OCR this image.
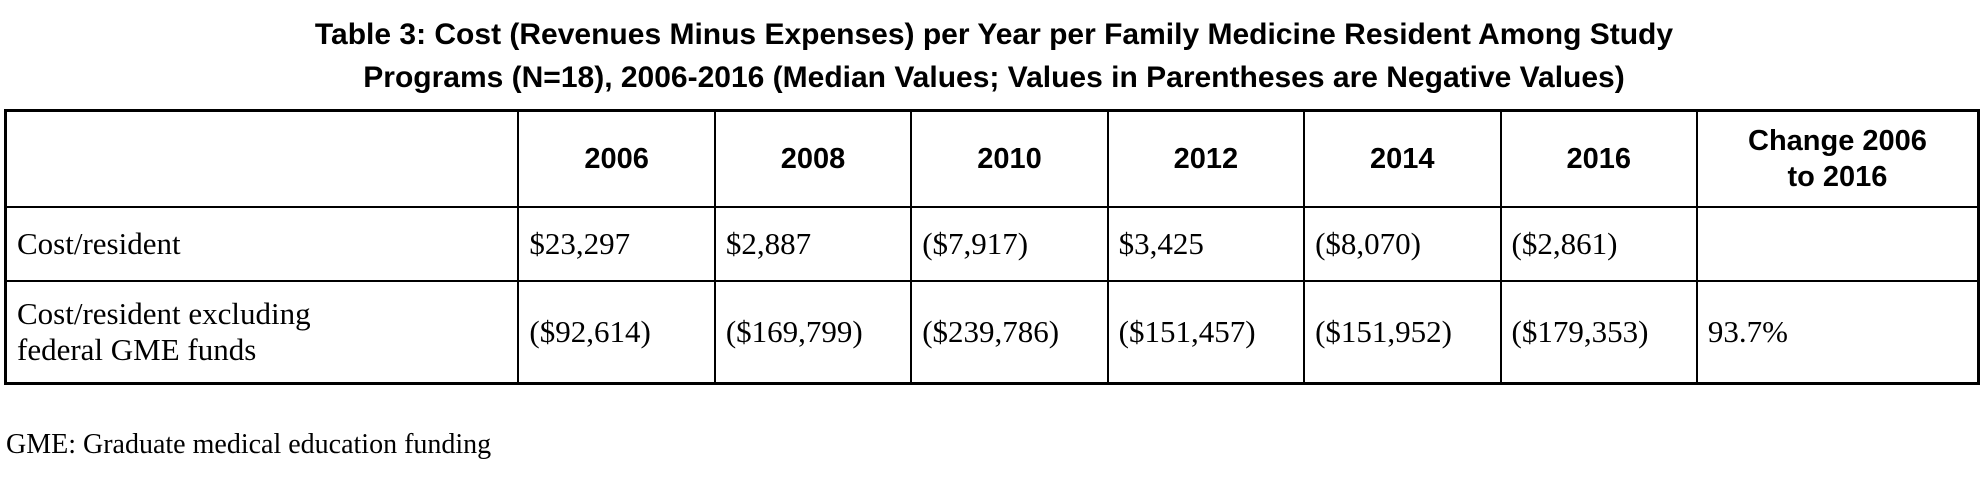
Table 3: Cost (Revenues Minus Expenses) per Year per Family Medicine Resident Among Study
Programs (N=18), 2006-2016 (Median Values; Values in Parentheses are Negative Values)
	2006	2008	2010	2012	2014	2016	Change 2006
to 2016
Cost/resident	$23,297	$2,887	($7,917)	$3,425	($8,070)	($2,861)	

Cost/resident excluding
federal GME funds	($92,614)	($169,799)	($239,786)	($151,457)	($151,952)	($179,353)	93.7%
GME: Graduate medical education funding
